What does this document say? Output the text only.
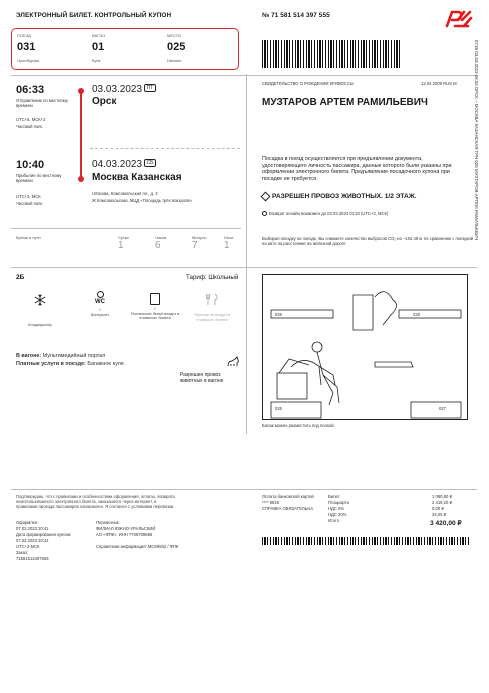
ЭЛЕКТРОННЫЙ БИЛЕТ. КОНТРОЛЬНЫЙ КУПОН	№ 71 581 514 397 555
ПОЕЗД
031
Оренбурзье
ВАГОН
01
Купе
МЕСТО
025
Нижнее
06:33
Отправление по местному времени
UTC+5, МСК+2
Часовой пояс
03.03.2023 ПТ
Орск
10:40
Прибытие по местному времени
UTC+3, МСК
Часовой пояс
04.03.2023 СБ
Москва Казанская
г.Москва, Комсомольская пл., д. 2
Ж Комсомольская, МЦД «Площадь трёх вокзалов»
Время в пути	Сутки
1
Часов
6
Минуты
7
Ночи
1
СВИДЕТЕЛЬСТВО О РОЖДЕНИИ КРИВОССЫ	12.04.2009 RUS М
МУЗТАРОВ АРТЕМ РАМИЛЬЕВИЧ
Посадка в поезд осуществляется при предъявлении документа, удостоверяющего личность пассажира, данные которого были указаны при оформлении электронного билета. Предъявление посадочного купона при посадке не требуется.
РАЗРЕШЕН ПРОВОЗ ЖИВОТНЫХ. 1/2 ЭТАЖ.
Возврат онлайн возможен до 03.03.2023 04:33 (UTC+3, МСК)
Выбирая поездку на поезде, Вы снижаете количество выбросов CO₂ на ~102.49 кг по сравнению с поездкой на авто на расстояние на железной дороге
2Б	Тариф: Школьный
Кондиционер
WC
✓
Биотуалет
✓
Постельное бельё входит в стоимость билета
Питание не входит в стоимость билета
В вагоне: Мультимедийный портал
Платные услуги в поезде: Багажное купе
Разрешен провоз животных в вагоне
026	028
025	027
Багаж можно разместить под полкой.
Подтверждаю, что с правилами и особенностями оформления, оплаты, возврата неиспользованного электронного билета, заказанного через интернет, и правилами проезда пассажиров ознакомлен. Я согласен с условиями перевозки.
Оформлен:
07.02.2023 20:41
Дата формирования купона:
07.02.2023 20:41
UTC+3 МСК
Заказ:
71581514397555
Перевозчик:
ФИЛИАЛ ЮЖНО-УРАЛЬСКИЙ
АО «ФПК», ИНН 7708709686
Справочная информация: МСК9942 / ФПК
Оплата банковской картой
**** 9819
СПРАВКА ОБЯЗАТЕЛЬНА
Билет	1 090,80 ₽
Плацкарта	2 419,20 ₽
НДС 0%	0,00 ₽
НДС 20%	34,00 ₽
Итого	3 420,00 ₽
071Б 03.03.2023 06:33 ОРСК – МОСКВА КАЗАНСКАЯ ГРН 025 МУЗТАРОВ АРТЕМ РАМИЛЬЕВИЧ
